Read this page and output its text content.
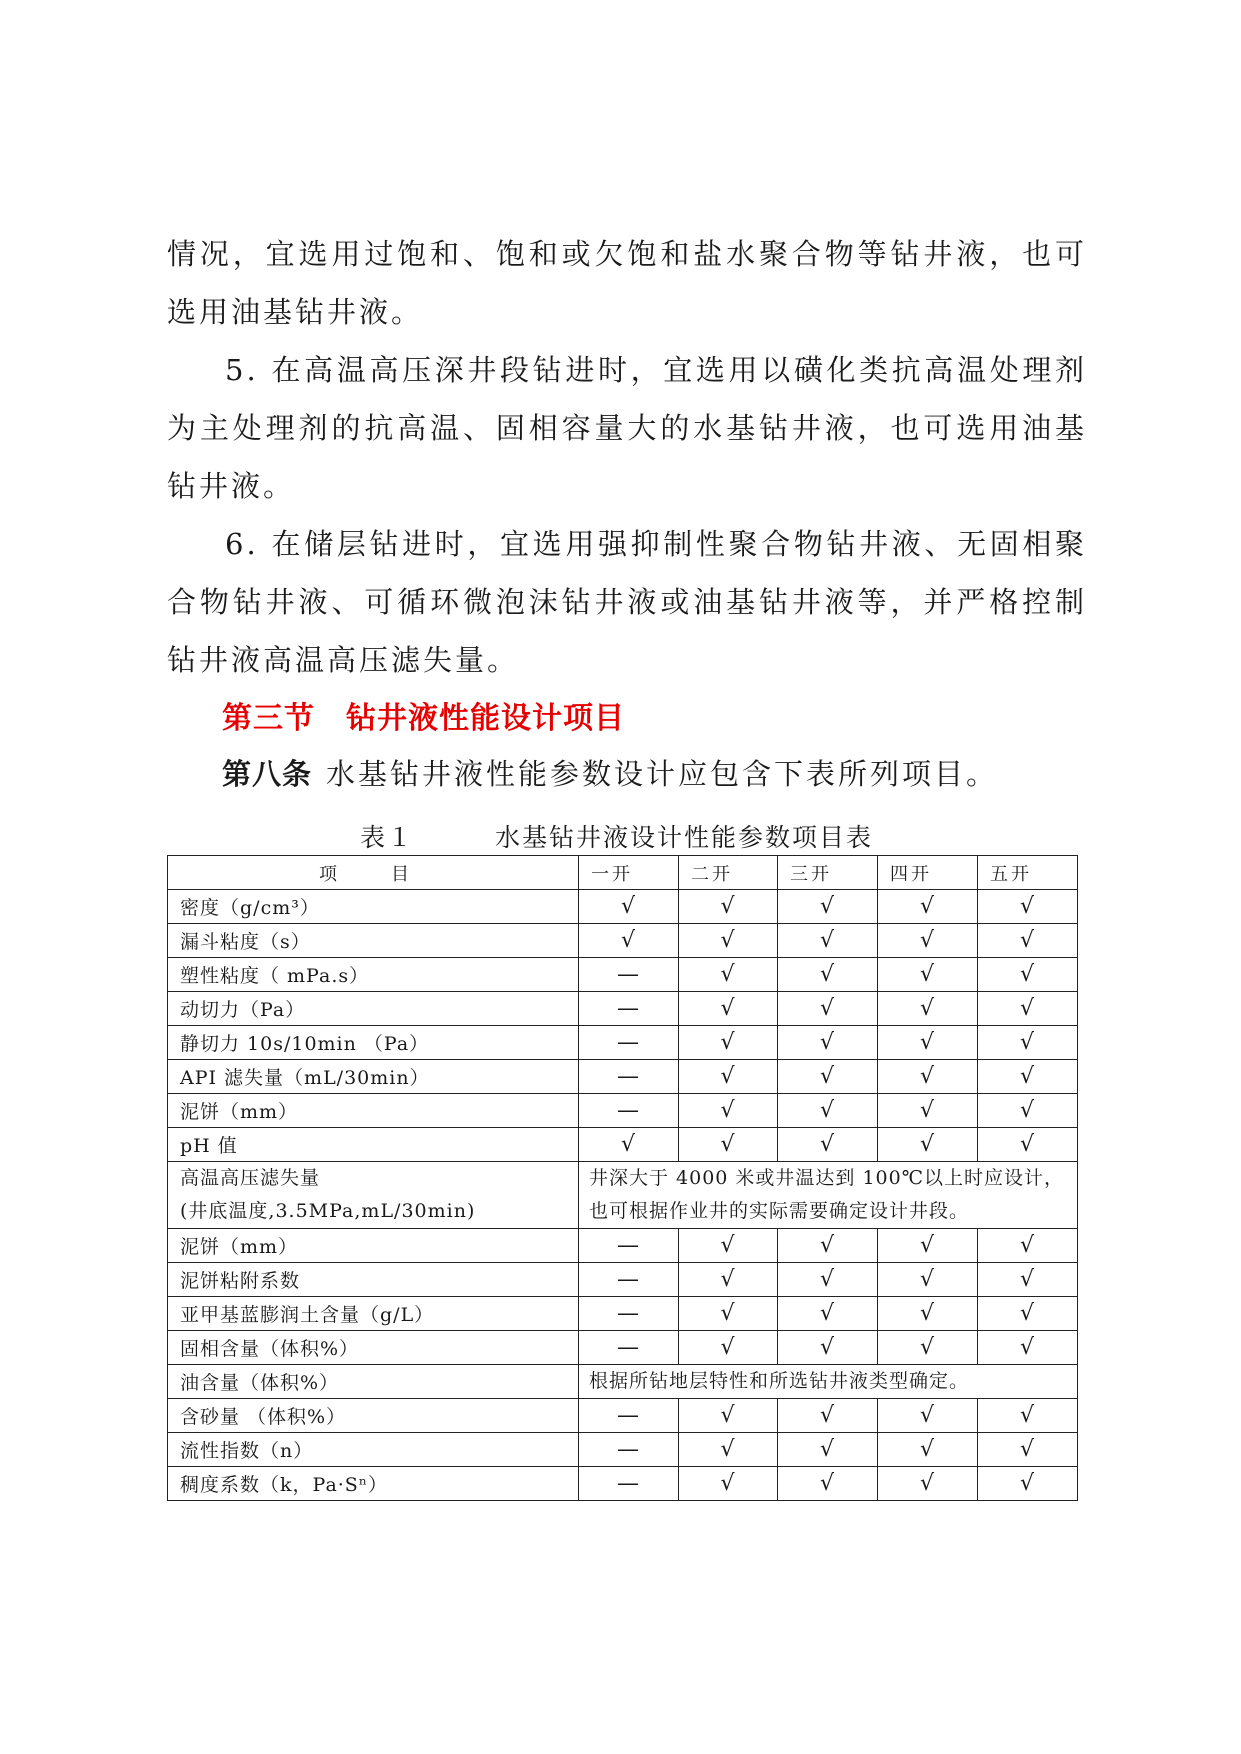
情况，宜选用过饱和、饱和或欠饱和盐水聚合物等钻井液，也可选用油基钻井液。

5. 在高温高压深井段钻进时，宜选用以磺化类抗高温处理剂为主处理剂的抗高温、固相容量大的水基钻井液，也可选用油基钻井液。

6. 在储层钻进时，宜选用强抑制性聚合物钻井液、无固相聚合物钻井液、可循环微泡沫钻井液或油基钻井液等，并严格控制钻井液高温高压滤失量。

第三节　钻井液性能设计项目

第八条 水基钻井液性能参数设计应包含下表所列项目。

表１　　　水基钻井液设计性能参数项目表

项　目	一开	二开	三开	四开	五开
密度（g/cm³）	√	√	√	√	√
漏斗粘度（s）	√	√	√	√	√
塑性粘度（ mPa.s）	—	√	√	√	√
动切力（Pa）	—	√	√	√	√
静切力 10s/10min （Pa）	—	√	√	√	√
API 滤失量（mL/30min）	—	√	√	√	√
泥饼（mm）	—	√	√	√	√
pH 值	√	√	√	√	√

高温高压滤失量
(井底温度,3.5MPa,mL/30min)	井深大于 4000 米或井温达到 100℃以上时应设计，也可根据作业井的实际需要确定设计井段。				
泥饼（mm）	—	√	√	√	√
泥饼粘附系数	—	√	√	√	√
亚甲基蓝膨润土含量（g/L）	—	√	√	√	√
固相含量（体积%）	—	√	√	√	√
油含量（体积%）	根据所钻地层特性和所选钻井液类型确定。				
含砂量 （体积%）	—	√	√	√	√
流性指数（n）	—	√	√	√	√
稠度系数（k，Pa·Sⁿ）	—	√	√	√	√
